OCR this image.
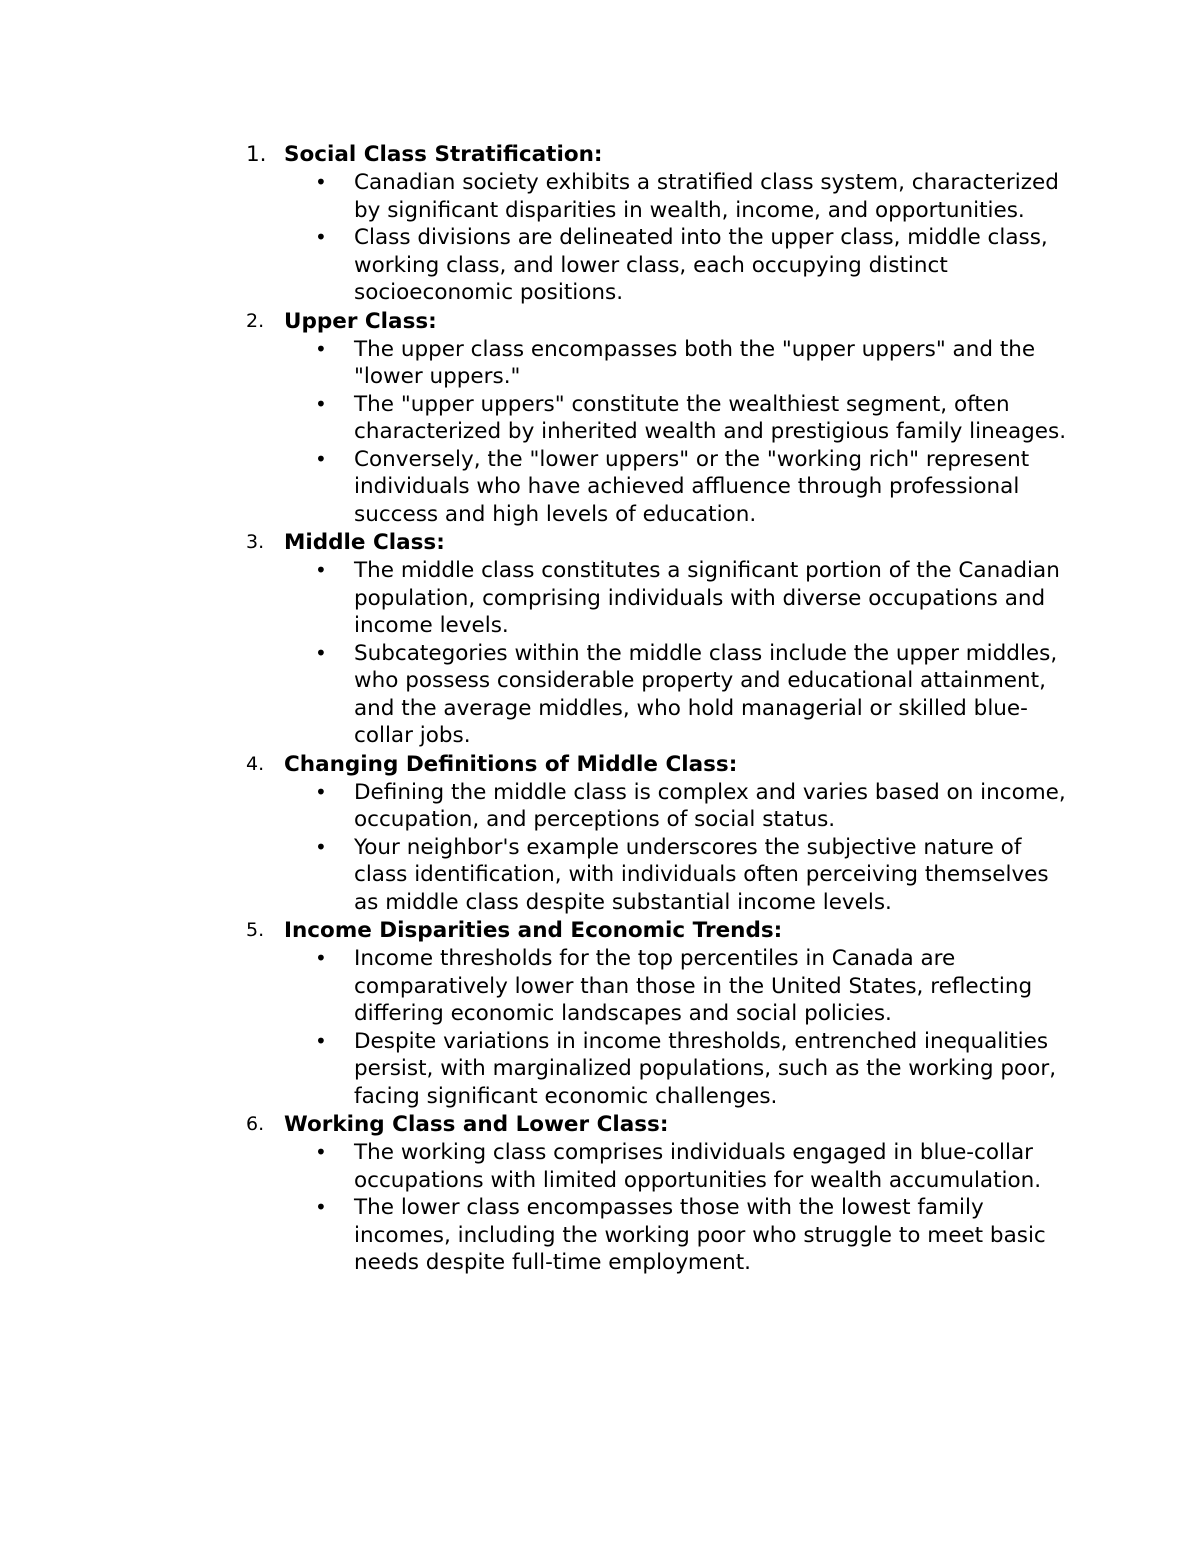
1. Social Class Stratification:
• Canadian society exhibits a stratified class system, characterized by significant disparities in wealth, income, and opportunities.
• Class divisions are delineated into the upper class, middle class, working class, and lower class, each occupying distinct socioeconomic positions.
2. Upper Class:
• The upper class encompasses both the "upper uppers" and the "lower uppers."
• The "upper uppers" constitute the wealthiest segment, often characterized by inherited wealth and prestigious family lineages.
• Conversely, the "lower uppers" or the "working rich" represent individuals who have achieved affluence through professional success and high levels of education.
3. Middle Class:
• The middle class constitutes a significant portion of the Canadian population, comprising individuals with diverse occupations and income levels.
• Subcategories within the middle class include the upper middles, who possess considerable property and educational attainment, and the average middles, who hold managerial or skilled blue-collar jobs.
4. Changing Definitions of Middle Class:
• Defining the middle class is complex and varies based on income, occupation, and perceptions of social status.
• Your neighbor's example underscores the subjective nature of class identification, with individuals often perceiving themselves as middle class despite substantial income levels.
5. Income Disparities and Economic Trends:
• Income thresholds for the top percentiles in Canada are comparatively lower than those in the United States, reflecting differing economic landscapes and social policies.
• Despite variations in income thresholds, entrenched inequalities persist, with marginalized populations, such as the working poor, facing significant economic challenges.
6. Working Class and Lower Class:
• The working class comprises individuals engaged in blue-collar occupations with limited opportunities for wealth accumulation.
• The lower class encompasses those with the lowest family incomes, including the working poor who struggle to meet basic needs despite full-time employment.
